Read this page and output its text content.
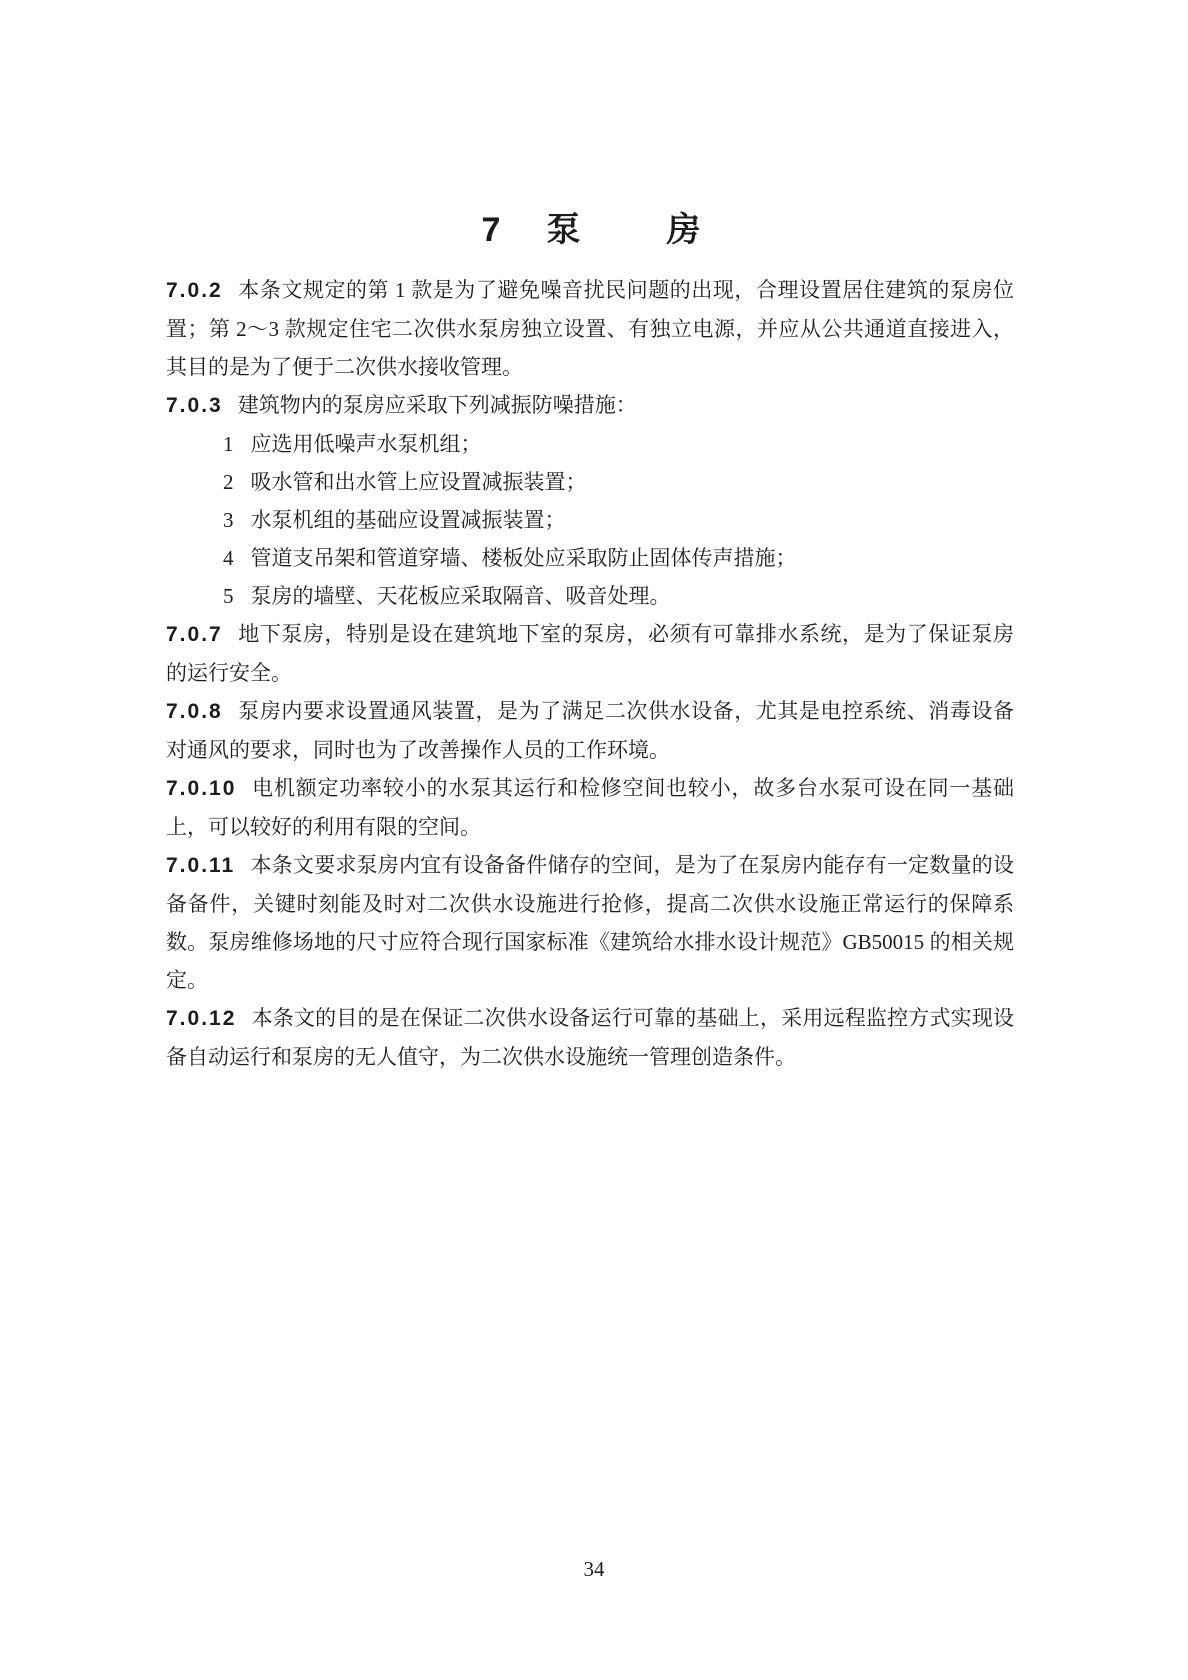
7　泵　　房
7.0.2 本条文规定的第 1 款是为了避免噪音扰民问题的出现，合理设置居住建筑的泵房位置；第 2～3 款规定住宅二次供水泵房独立设置、有独立电源，并应从公共通道直接进入，其目的是为了便于二次供水接收管理。
7.0.3 建筑物内的泵房应采取下列减振防噪措施：
1 应选用低噪声水泵机组；
2 吸水管和出水管上应设置减振装置；
3 水泵机组的基础应设置减振装置；
4 管道支吊架和管道穿墙、楼板处应采取防止固体传声措施；
5 泵房的墙壁、天花板应采取隔音、吸音处理。
7.0.7 地下泵房，特别是设在建筑地下室的泵房，必须有可靠排水系统，是为了保证泵房的运行安全。
7.0.8 泵房内要求设置通风装置，是为了满足二次供水设备，尤其是电控系统、消毒设备对通风的要求，同时也为了改善操作人员的工作环境。
7.0.10 电机额定功率较小的水泵其运行和检修空间也较小，故多台水泵可设在同一基础上，可以较好的利用有限的空间。
7.0.11 本条文要求泵房内宜有设备备件储存的空间，是为了在泵房内能存有一定数量的设备备件，关键时刻能及时对二次供水设施进行抢修，提高二次供水设施正常运行的保障系数。泵房维修场地的尺寸应符合现行国家标准《建筑给水排水设计规范》GB50015 的相关规定。
7.0.12 本条文的目的是在保证二次供水设备运行可靠的基础上，采用远程监控方式实现设备自动运行和泵房的无人值守，为二次供水设施统一管理创造条件。
34
